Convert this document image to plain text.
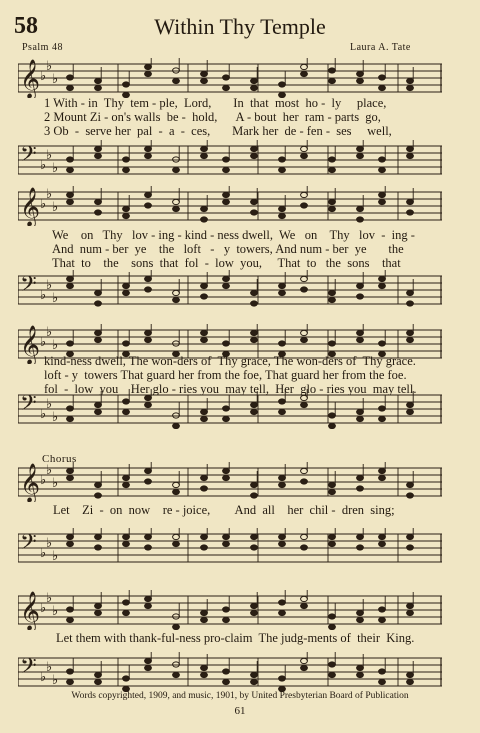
58	Within Thy Temple
Psalm 48	Laura A. Tate
𝄞 ♭
♭
♭
𝄢 ♭
♭
♭
𝄞 ♭
♭
♭
𝄢 ♭
♭
♭
𝄞 ♭
♭
♭
𝄢 ♭
♭
♭
𝄞 ♭
♭
♭
𝄢 ♭
♭
♭
𝄞 ♭
♭
♭
𝄢 ♭
♭
♭
Chorus
Words copyrighted, 1909, and music, 1901, by United Presbyterian Board of Publication
61
1 With - in  Thy  tem - ple,  Lord,       In  that  most  ho -  ly     place,
2 Mount Zi - on's walls  be -  hold,      A - bout  her  ram - parts  go,
3 Ob  -  serve her  pal  -  a  -  ces,       Mark her  de - fen -  ses     well,
We    on   Thy   lov - ing - kind - ness dwell,  We   on    Thy   lov  -  ing -
And  num - ber  ye    the   loft   -   y  towers, And num - ber  ye       the
That  to    the    sons  that  fol  -  low  you,     That  to   the  sons    that
kind-ness dwell, The won-ders of  Thy grace, The won-ders of  Thy grace.
loft - y  towers That guard her from the foe, That guard her from the foe.
fol  -  low  you    Her glo - ries you  may tell,  Her  glo - ries you  may tell.
Let    Zi  -  on  now    re - joice,        And  all    her  chil -  dren  sing;
Let them with thank-ful-ness pro-claim  The judg-ments of  their  King.
